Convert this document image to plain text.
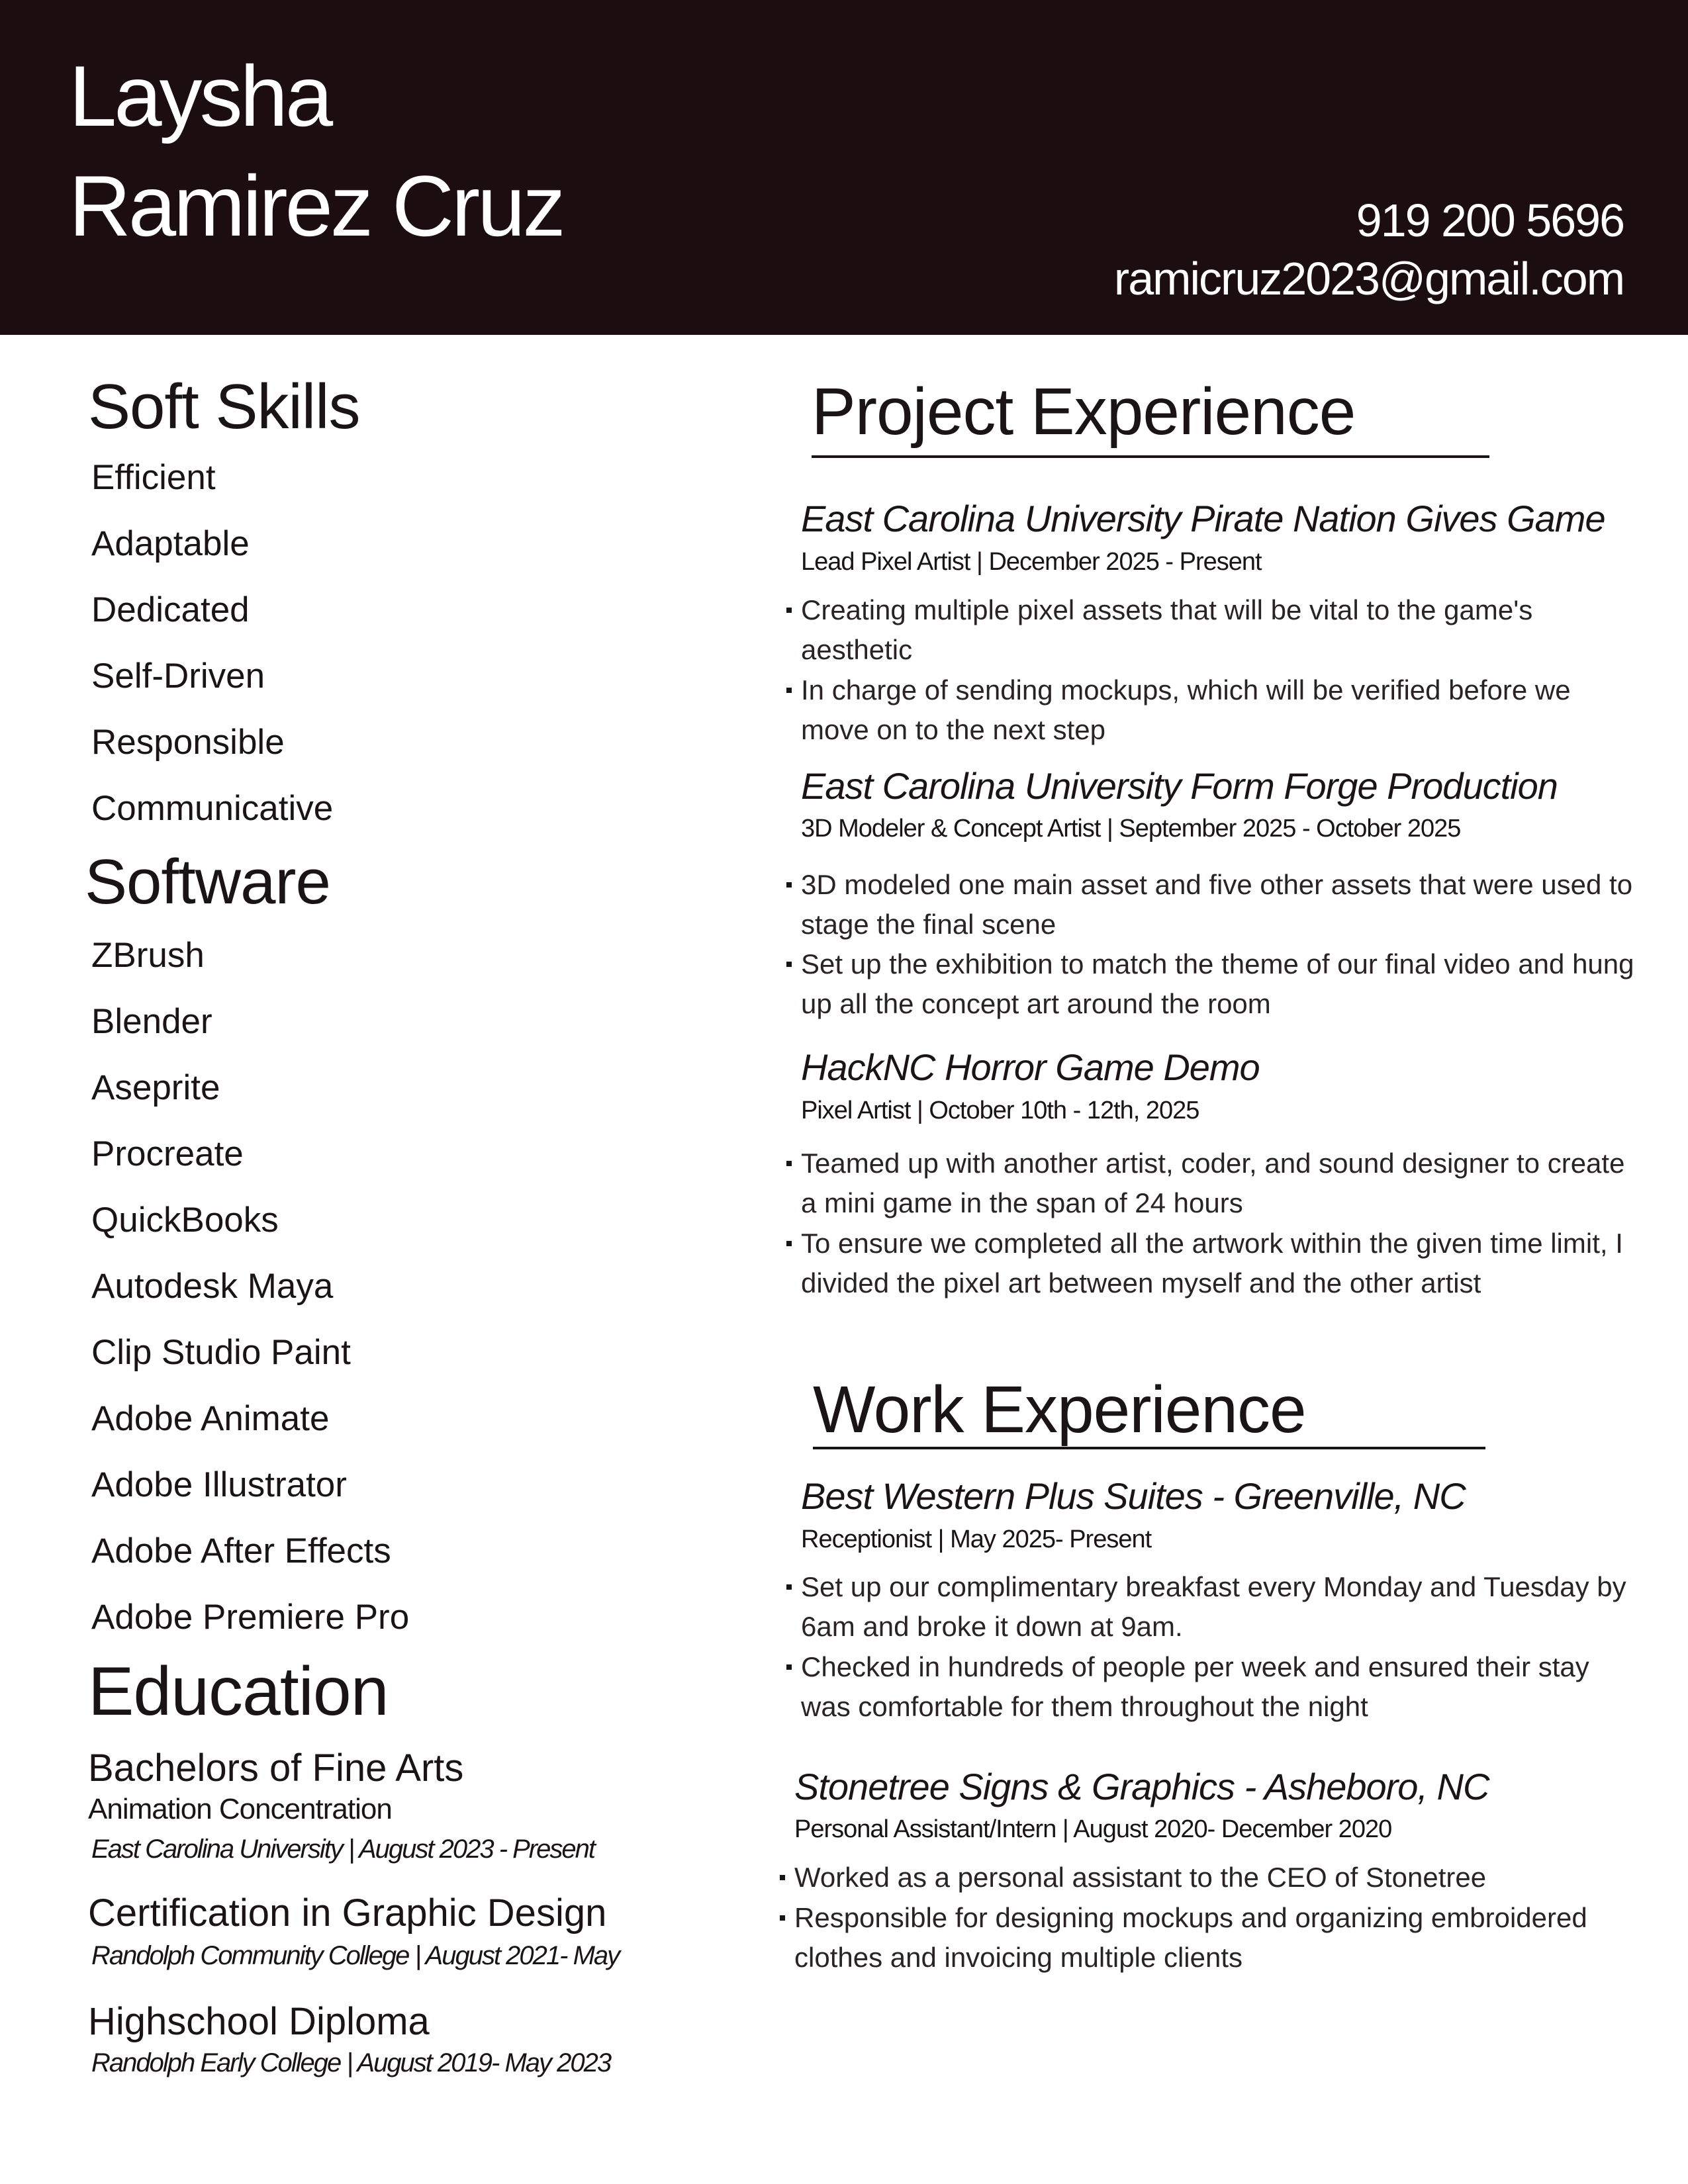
Laysha
Ramirez Cruz	919 200 5696
ramicruz2023@gmail.com
Soft Skills
Efficient
Adaptable
Dedicated
Self-Driven
Responsible
Communicative
Software
ZBrush
Blender
Aseprite
Procreate
QuickBooks
Autodesk Maya
Clip Studio Paint
Adobe Animate
Adobe Illustrator
Adobe After Effects
Adobe Premiere Pro
Education
Bachelors of Fine Arts
Animation Concentration
East Carolina University | August 2023 - Present
Certification in Graphic Design
Randolph Community College | August 2021- May
Highschool Diploma
Randolph Early College | August 2019- May 2023
Project Experience
East Carolina University Pirate Nation Gives Game
Lead Pixel Artist | December 2025 - Present
Creating multiple pixel assets that will be vital to the game's aesthetic
In charge of sending mockups, which will be verified before we move on to the next step
East Carolina University Form Forge Production
3D Modeler & Concept Artist | September 2025 - October 2025
3D modeled one main asset and five other assets that were used to stage the final scene
Set up the exhibition to match the theme of our final video and hung up all the concept art around the room
HackNC Horror Game Demo
Pixel Artist | October 10th - 12th, 2025
Teamed up with another artist, coder, and sound designer to create a mini game in the span of 24 hours
To ensure we completed all the artwork within the given time limit, I divided the pixel art between myself and the other artist
Work Experience
Best Western Plus Suites - Greenville, NC
Receptionist | May 2025- Present
Set up our complimentary breakfast every Monday and Tuesday by 6am and broke it down at 9am.
Checked in hundreds of people per week and ensured their stay was comfortable for them throughout the night
Stonetree Signs & Graphics - Asheboro, NC
Personal Assistant/Intern | August 2020- December 2020
Worked as a personal assistant to the CEO of Stonetree
Responsible for designing mockups and organizing embroidered clothes and invoicing multiple clients
